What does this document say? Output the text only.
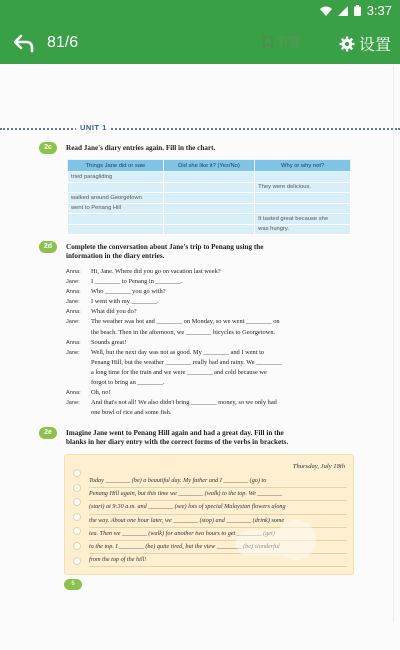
3:37
81/6	书签	设置
UNIT 1
2c	Read Jane's diary entries again. Fill in the chart.
Things Jane did or saw	Did she like it? (Yes/No)	Why or why not?
tried paragliding		
		They were delicious.
walked around Georgetown		
went to Penang Hill		
		It tasted great because she
		was hungry.
2d	Complete the conversation about Jane's trip to Penang using the
information in the diary entries.
Anna:	Hi, Jane. Where did you go on vacation last week?
Jane:	I ________ to Penang in ________.
Anna:	Who ________ you go with?
Jane:	I went with my ________.
Anna:	What did you do?
Jane:	The weather was hot and ________ on Monday, so we went ________ on
the beach. Then in the afternoon, we ________ bicycles to Georgetown.
Anna:	Sounds great!
Jane:	Well, but the next day was not as good. My ________ and I went to
Penang Hill, but the weather ________ really bad and rainy. We ________
a long time for the train and we were ________ and cold because we
forgot to bring an ________.
Anna:	Oh, no!
Jane:	And that's not all! We also didn't bring ________ money, so we only had
one bowl of rice and some fish.
2e	Imagine Jane went to Penang Hill again and had a great day. Fill in the
blanks in her diary entry with the correct forms of the verbs in brackets.
Thursday, July 18th
Today ________ (be) a beautiful day. My father and I ________ (go) to
Penang Hill again, but this time we ________ (walk) to the top. We ________
(start) at 9:30 a.m. and ________ (see) lots of special Malaysian flowers along
the way. About one hour later, we ________ (stop) and ________ (drink) some
tea. Then we ________ (walk) for another two hours to get ________ (get)
to the top. I ________ (be) quite tired, but the view ________ (be) wonderful
from the top of the hill!
6
